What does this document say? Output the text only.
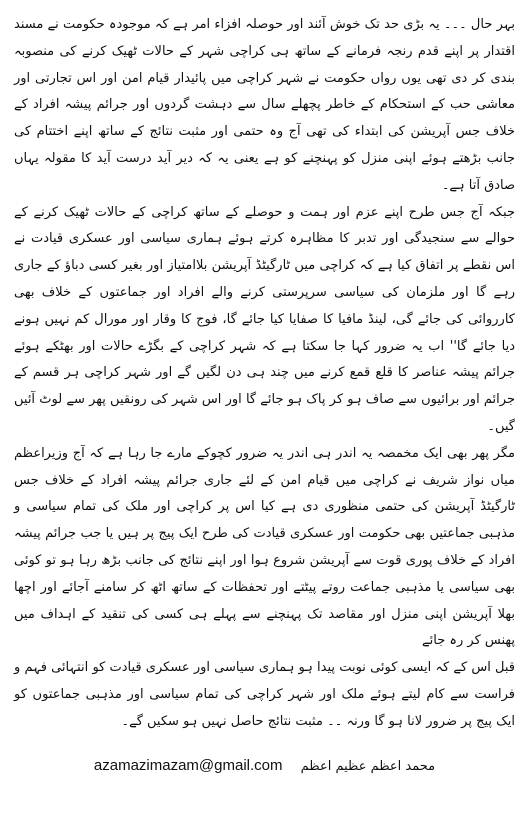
بہر حال ۔۔۔ یہ بڑی حد تک خوش آئند اور حوصلہ افزاء امر ہے کہ موجودہ حکومت نے مسند اقتدار پر اپنے قدم رنجہ فرمانے کے ساتھ ہی کراچی شہر کے حالات ٹھیک کرنے کی منصوبہ بندی کر دی تھی یوں رواں حکومت نے شہر کراچی میں پائیدار قیام امن اور اس تجارتی اور معاشی حب کے استحکام کے خاطر پچھلے سال سے دہشت گردوں اور جرائم پیشہ افراد کے خلاف جس آپریشن کی ابتداء کی تھی آج وہ حتمی اور مثبت نتائج کے ساتھ اپنے اختتام کی جانب بڑھتے ہوئے اپنی منزل کو پہنچنے کو ہے یعنی یہ کہ دیر آید درست آید کا مقولہ یہاں صادق آتا ہے۔

جبکہ آج جس طرح اپنے عزم اور ہمت و حوصلے کے ساتھ کراچی کے حالات ٹھیک کرنے کے حوالے سے سنجیدگی اور تدبر کا مظاہرہ کرتے ہوئے ہماری سیاسی اور عسکری قیادت نے اس نقطے پر اتفاق کیا ہے کہ کراچی میں ٹارگیٹڈ آپریشن بلاامتیاز اور بغیر کسی دباؤ کے جاری رہے گا اور ملزمان کی سیاسی سرپرستی کرنے والے افراد اور جماعتوں کے خلاف بھی کارروائی کی جائے گی، لینڈ مافیا کا صفایا کیا جائے گا، فوج کا وقار اور مورال کم نہیں ہونے دیا جائے گا'' اب یہ ضرور کہا جا سکتا ہے کہ شہر کراچی کے بگڑے حالات اور بھٹکے ہوئے جرائم پیشہ عناصر کا قلع قمع کرنے میں چند ہی دن لگیں گے اور شہر کراچی ہر قسم کے جرائم اور برائیوں سے صاف ہو کر پاک ہو جائے گا اور اس شہر کی رونقیں پھر سے لوٹ آئیں گیں۔

مگر پھر بھی ایک مخمصہ یہ اندر ہی اندر یہ ضرور کچوکے مارے جا رہا ہے کہ آج وزیراعظم میاں نواز شریف نے کراچی میں قیام امن کے لئے جاری جرائم پیشہ افراد کے خلاف جس ٹارگیٹڈ آپریشن کی حتمی منظوری دی ہے کیا اس پر کراچی اور ملک کی تمام سیاسی و مذہبی جماعتیں بھی حکومت اور عسکری قیادت کی طرح ایک پیج پر ہیں یا جب جرائم پیشہ افراد کے خلاف پوری قوت سے آپریشن شروع ہوا اور اپنے نتائج کی جانب بڑھ رہا ہو تو کوئی بھی سیاسی یا مذہبی جماعت روتے پیٹتے اور تحفظات کے ساتھ اٹھ کر سامنے آجائے اور اچھا بھلا آپریشن اپنی منزل اور مقاصد تک پہنچنے سے پہلے ہی کسی کی تنقید کے اہداف میں پھنس کر رہ جائے

قبل اس کے کہ ایسی کوئی نوبت پیدا ہو ہماری سیاسی اور عسکری قیادت کو انتہائی فہم و فراست سے کام لیتے ہوئے ملک اور شہر کراچی کی تمام سیاسی اور مذہبی جماعتوں کو ایک پیج پر ضرور لانا ہو گا ورنہ ۔۔ مثبت نتائج حاصل نہیں ہو سکیں گے۔

azamazimazam@gmail.com محمد اعظم عظیم اعظم
